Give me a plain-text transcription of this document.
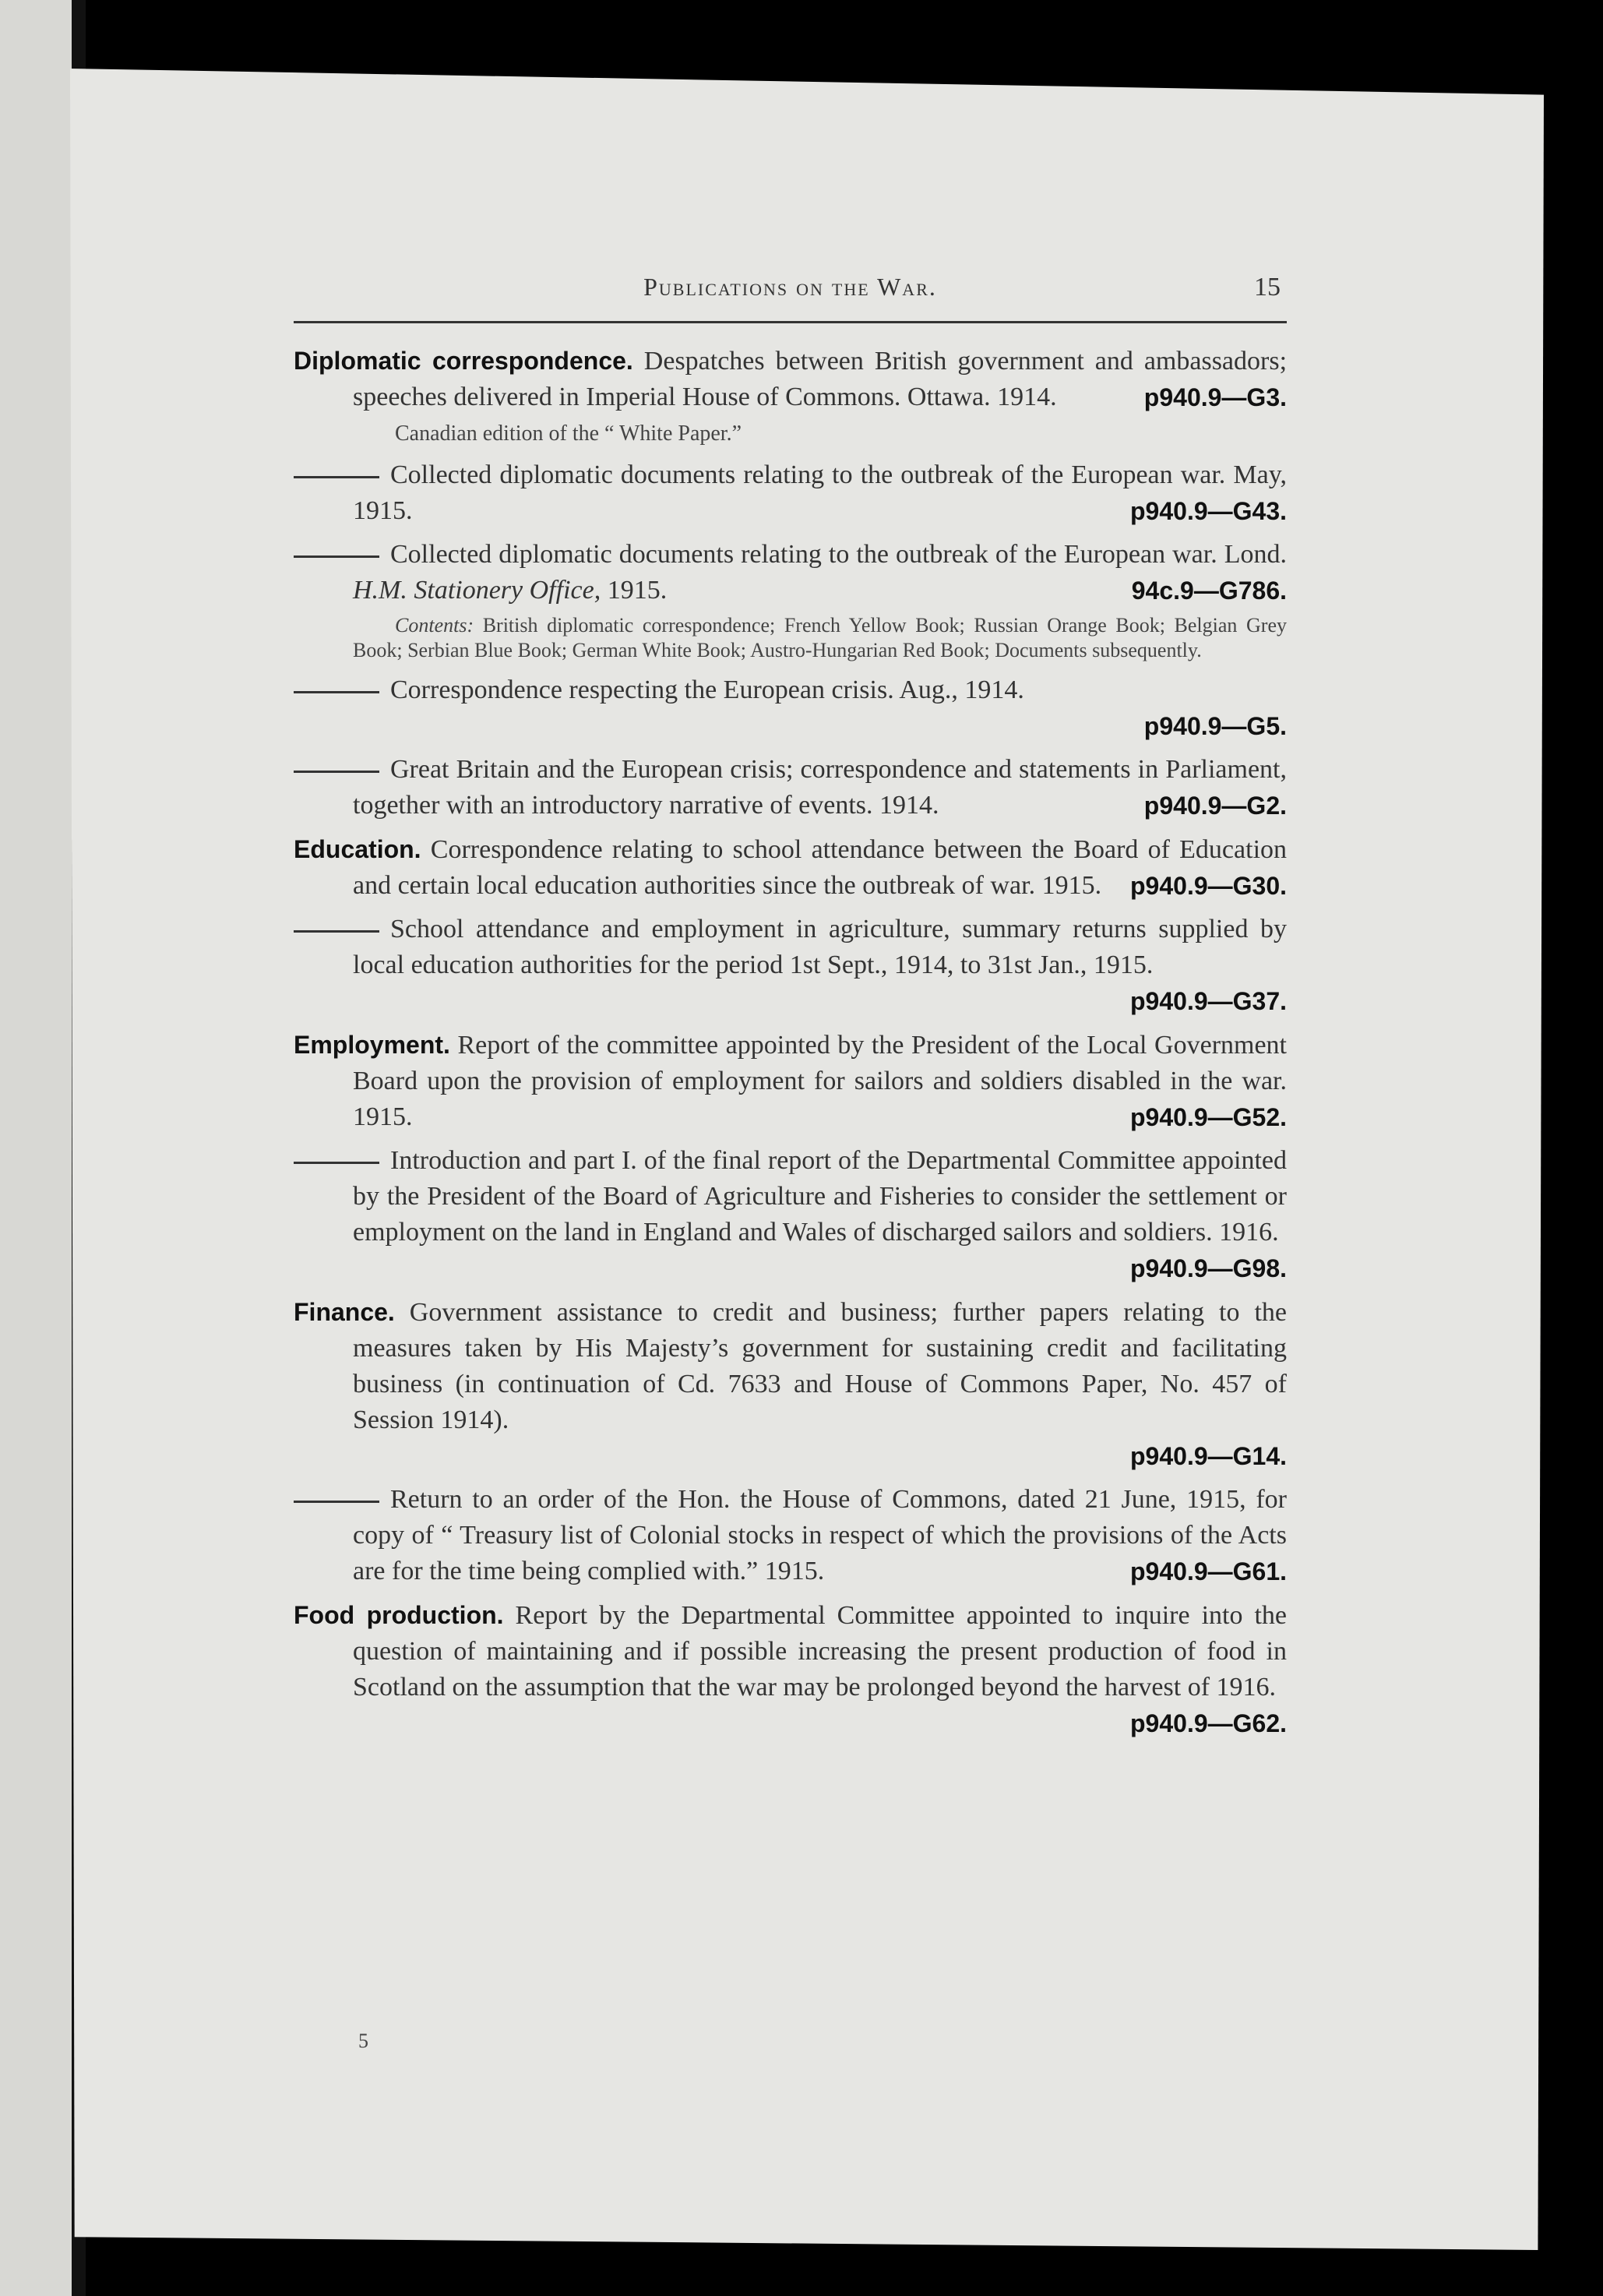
Publications on the War.	15
Diplomatic correspondence. Despatches between British government and ambassadors; speeches delivered in Imperial House of Commons. Ottawa. 1914.	p940.9—G3.
Canadian edition of the “ White Paper.”
Collected diplomatic documents relating to the outbreak of the European war. May, 1915.	p940.9—G43.
Collected diplomatic documents relating to the outbreak of the European war. Lond. H.M. Stationery Office, 1915.	94c.9—G786.
Contents: British diplomatic correspondence; French Yellow Book; Russian Orange Book; Belgian Grey Book; Serbian Blue Book; German White Book; Austro-Hungarian Red Book; Documents subsequently.
Correspondence respecting the European crisis. Aug., 1914.
p940.9—G5.
Great Britain and the European crisis; correspondence and statements in Parliament, together with an introductory narrative of events. 1914.	p940.9—G2.
Education. Correspondence relating to school attendance between the Board of Education and certain local education authorities since the outbreak of war. 1915. p940.9—G30.
School attendance and employment in agriculture, summary returns supplied by local education authorities for the period 1st Sept., 1914, to 31st Jan., 1915.
p940.9—G37.
Employment. Report of the committee appointed by the President of the Local Government Board upon the provision of employment for sailors and soldiers disabled in the war. 1915.	p940.9—G52.
Introduction and part I. of the final report of the Departmental Committee appointed by the President of the Board of Agriculture and Fisheries to consider the settlement or employment on the land in England and Wales of discharged sailors and soldiers. 1916.
p940.9—G98.
Finance. Government assistance to credit and business; further papers relating to the measures taken by His Majesty’s government for sustaining credit and facilitating business (in continuation of Cd. 7633 and House of Commons Paper, No. 457 of Session 1914).
p940.9—G14.
Return to an order of the Hon. the House of Commons, dated 21 June, 1915, for copy of “ Treasury list of Colonial stocks in respect of which the provisions of the Acts are for the time being complied with.” 1915.	p940.9—G61.
Food production. Report by the Departmental Committee appointed to inquire into the question of maintaining and if possible increasing the present production of food in Scotland on the assumption that the war may be prolonged beyond the harvest of 1916.
p940.9—G62.
5
